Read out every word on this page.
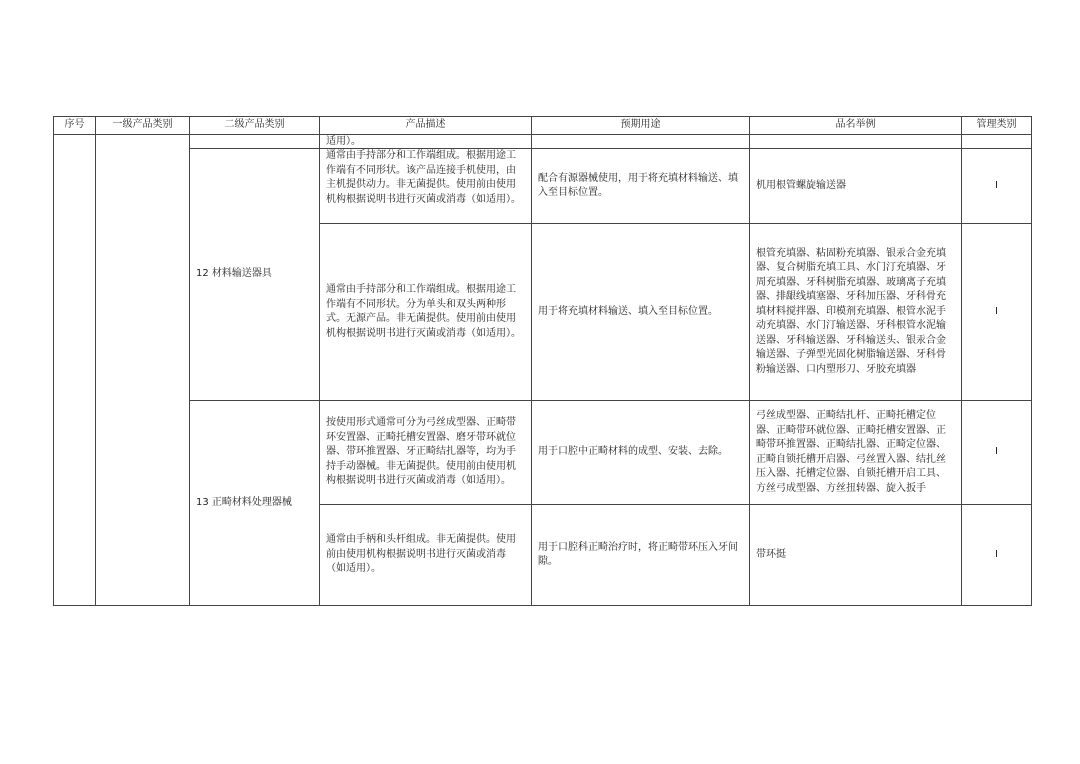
序号	一级产品类别	二级产品类别	产品描述	预期用途	品名举例	管理类别
			适用）。			
		12 材料输送器具	通常由手持部分和工作端组成。根据用途工作端有不同形状。该产品连接手机使用，由主机提供动力。非无菌提供。使用前由使用机构根据说明书进行灭菌或消毒（如适用）。	配合有源器械使用，用于将充填材料输送、填入至目标位置。	机用根管螺旋输送器	I
			通常由手持部分和工作端组成。根据用途工作端有不同形状。分为单头和双头两种形式。无源产品。非无菌提供。使用前由使用机构根据说明书进行灭菌或消毒（如适用）。	用于将充填材料输送、填入至目标位置。	根管充填器、粘固粉充填器、银汞合金充填器、复合树脂充填工具、水门汀充填器、牙周充填器、牙科树脂充填器、玻璃离子充填器、排龈线填塞器、牙科加压器、牙科骨充填材料搅拌器、印模剂充填器、根管水泥手动充填器、水门汀输送器、牙科根管水泥输送器、牙科输送器、牙科输送头、银汞合金输送器、子弹型光固化树脂输送器、牙科骨粉输送器、口内塑形刀、牙胶充填器	I
		13 正畸材料处理器械	按使用形式通常可分为弓丝成型器、正畸带环安置器、正畸托槽安置器、磨牙带环就位器、带环推置器、牙正畸结扎器等，均为手持手动器械。非无菌提供。使用前由使用机构根据说明书进行灭菌或消毒（如适用）。	用于口腔中正畸材料的成型、安装、去除。	弓丝成型器、正畸结扎杆、正畸托槽定位器、正畸带环就位器、正畸托槽安置器、正畸带环推置器、正畸结扎器、正畸定位器、正畸自锁托槽开启器、弓丝置入器、结扎丝压入器、托槽定位器、自锁托槽开启工具、方丝弓成型器、方丝扭转器、旋入扳手	I
			通常由手柄和头杆组成。非无菌提供。使用前由使用机构根据说明书进行灭菌或消毒（如适用）。	用于口腔科正畸治疗时，将正畸带环压入牙间隙。	带环挺	I
